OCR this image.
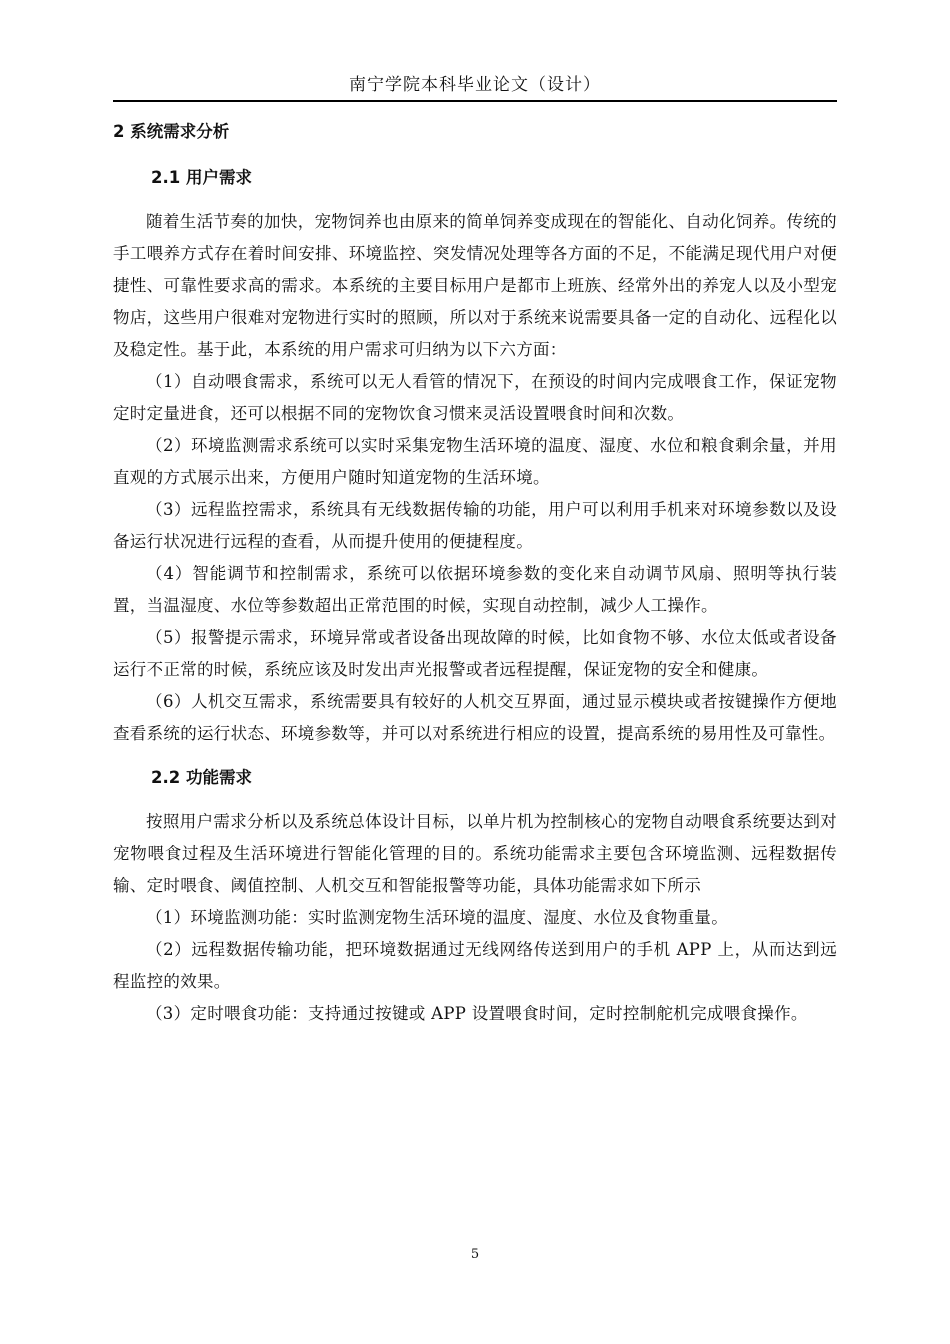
南宁学院本科毕业论文（设计）
2 系统需求分析
2.1 用户需求

随着生活节奏的加快，宠物饲养也由原来的简单饲养变成现在的智能化、自动化饲养。传统的手工喂养方式存在着时间安排、环境监控、突发情况处理等各方面的不足，不能满足现代用户对便捷性、可靠性要求高的需求。本系统的主要目标用户是都市上班族、经常外出的养宠人以及小型宠物店，这些用户很难对宠物进行实时的照顾，所以对于系统来说需要具备一定的自动化、远程化以及稳定性。基于此，本系统的用户需求可归纳为以下六方面：

（1）自动喂食需求，系统可以无人看管的情况下，在预设的时间内完成喂食工作，保证宠物定时定量进食，还可以根据不同的宠物饮食习惯来灵活设置喂食时间和次数。

（2）环境监测需求系统可以实时采集宠物生活环境的温度、湿度、水位和粮食剩余量，并用直观的方式展示出来，方便用户随时知道宠物的生活环境。

（3）远程监控需求，系统具有无线数据传输的功能，用户可以利用手机来对环境参数以及设备运行状况进行远程的查看，从而提升使用的便捷程度。

（4）智能调节和控制需求，系统可以依据环境参数的变化来自动调节风扇、照明等执行装置，当温湿度、水位等参数超出正常范围的时候，实现自动控制，减少人工操作。

（5）报警提示需求，环境异常或者设备出现故障的时候，比如食物不够、水位太低或者设备运行不正常的时候，系统应该及时发出声光报警或者远程提醒，保证宠物的安全和健康。

（6）人机交互需求，系统需要具有较好的人机交互界面，通过显示模块或者按键操作方便地查看系统的运行状态、环境参数等，并可以对系统进行相应的设置，提高系统的易用性及可靠性。

2.2 功能需求

按照用户需求分析以及系统总体设计目标，以单片机为控制核心的宠物自动喂食系统要达到对宠物喂食过程及生活环境进行智能化管理的目的。系统功能需求主要包含环境监测、远程数据传输、定时喂食、阈值控制、人机交互和智能报警等功能，具体功能需求如下所示

（1）环境监测功能：实时监测宠物生活环境的温度、湿度、水位及食物重量。

（2）远程数据传输功能，把环境数据通过无线网络传送到用户的手机 APP 上，从而达到远程监控的效果。

（3）定时喂食功能：支持通过按键或 APP 设置喂食时间，定时控制舵机完成喂食操作。

5
